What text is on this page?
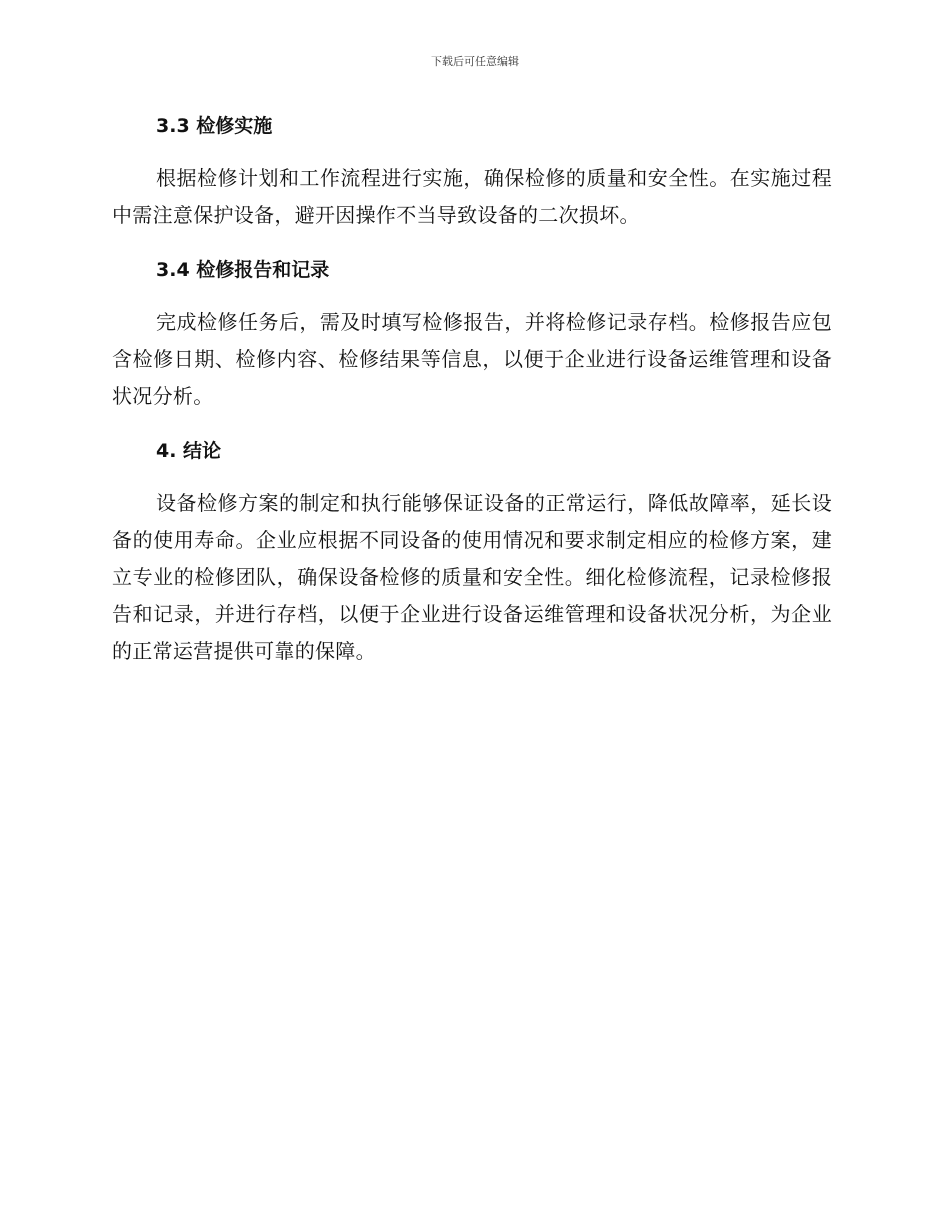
下载后可任意编辑
3.3 检修实施

根据检修计划和工作流程进行实施，确保检修的质量和安全性。在实施过程中需注意保护设备，避开因操作不当导致设备的二次损坏。

3.4 检修报告和记录

完成检修任务后，需及时填写检修报告，并将检修记录存档。检修报告应包含检修日期、检修内容、检修结果等信息，以便于企业进行设备运维管理和设备状况分析。

4. 结论

设备检修方案的制定和执行能够保证设备的正常运行，降低故障率，延长设备的使用寿命。企业应根据不同设备的使用情况和要求制定相应的检修方案，建立专业的检修团队，确保设备检修的质量和安全性。细化检修流程，记录检修报告和记录，并进行存档，以便于企业进行设备运维管理和设备状况分析，为企业的正常运营提供可靠的保障。
